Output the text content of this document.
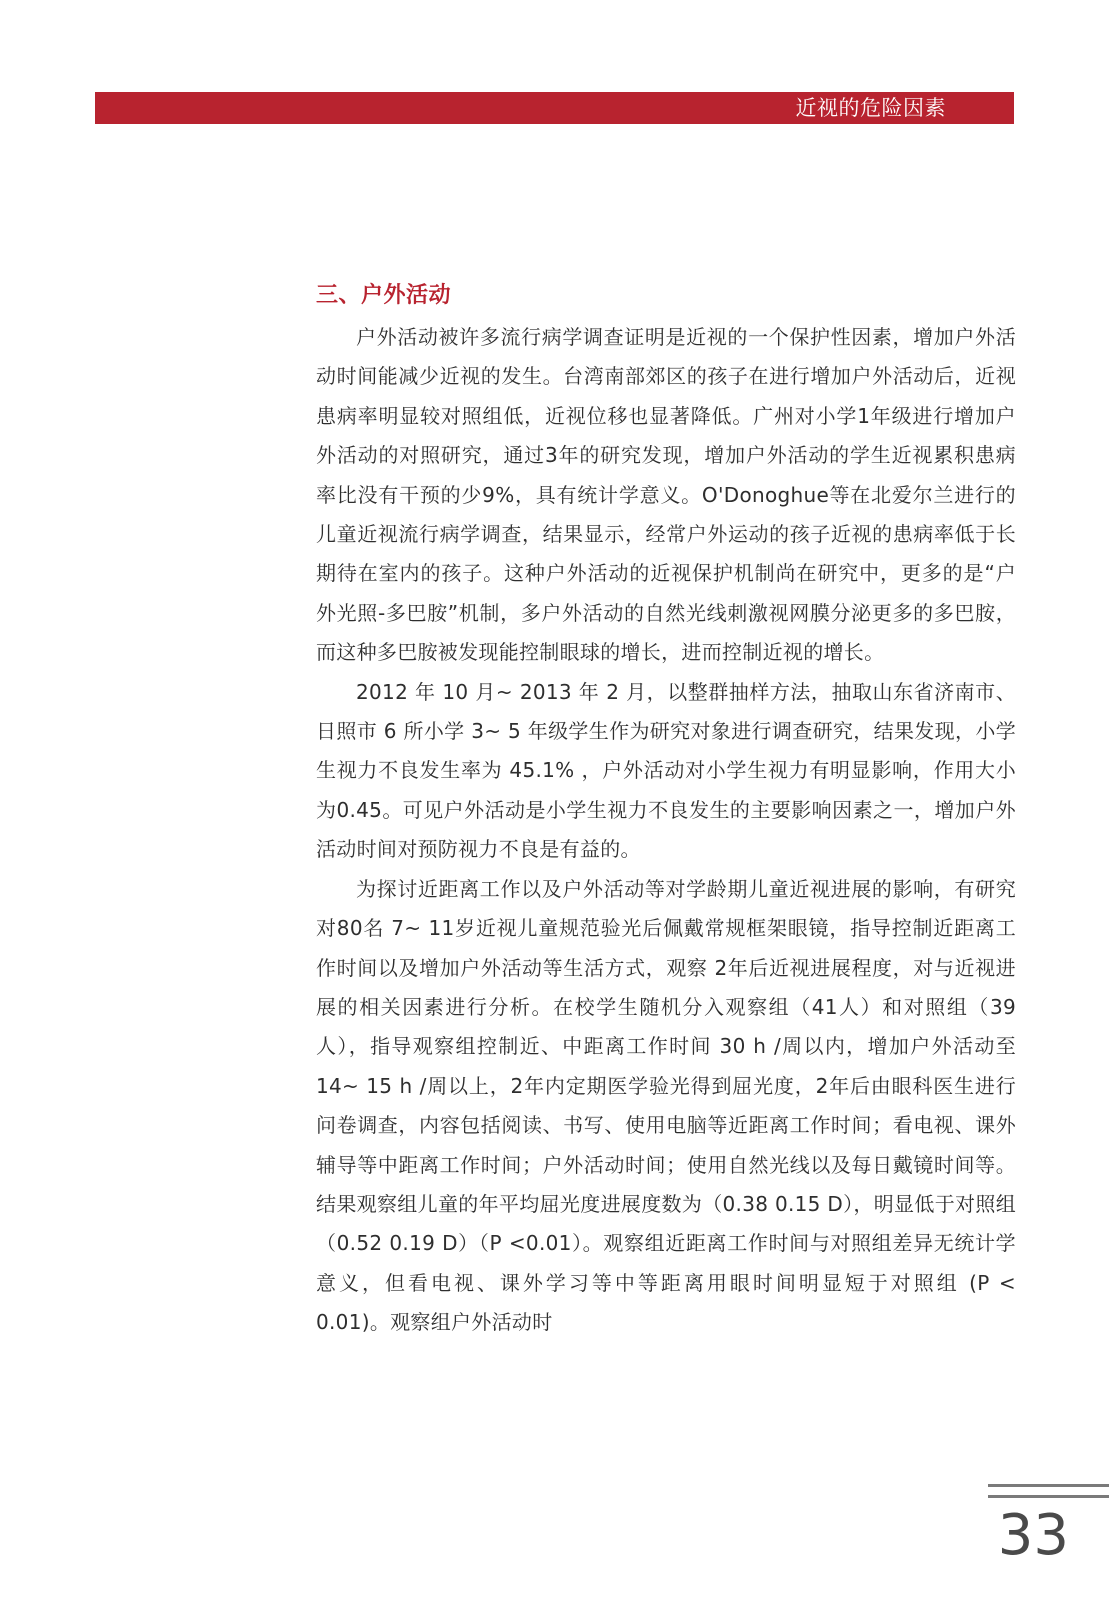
近视的危险因素
三、户外活动

户外活动被许多流行病学调查证明是近视的一个保护性因素，增加户外活动时间能减少近视的发生。台湾南部郊区的孩子在进行增加户外活动后，近视患病率明显较对照组低，近视位移也显著降低。广州对小学1年级进行增加户外活动的对照研究，通过3年的研究发现，增加户外活动的学生近视累积患病率比没有干预的少9%，具有统计学意义。O'Donoghue等在北爱尔兰进行的儿童近视流行病学调查，结果显示，经常户外运动的孩子近视的患病率低于长期待在室内的孩子。这种户外活动的近视保护机制尚在研究中，更多的是“户外光照-多巴胺”机制，多户外活动的自然光线刺激视网膜分泌更多的多巴胺，而这种多巴胺被发现能控制眼球的增长，进而控制近视的增长。

2012 年 10 月~ 2013 年 2 月，以整群抽样方法，抽取山东省济南市、日照市 6 所小学 3~ 5 年级学生作为研究对象进行调查研究，结果发现，小学生视力不良发生率为 45.1% ，户外活动对小学生视力有明显影响，作用大小为0.45。可见户外活动是小学生视力不良发生的主要影响因素之一，增加户外活动时间对预防视力不良是有益的。

为探讨近距离工作以及户外活动等对学龄期儿童近视进展的影响，有研究对80名 7~ 11岁近视儿童规范验光后佩戴常规框架眼镜，指导控制近距离工作时间以及增加户外活动等生活方式，观察 2年后近视进展程度，对与近视进展的相关因素进行分析。在校学生随机分入观察组（41人）和对照组（39 人），指导观察组控制近、中距离工作时间 30 h /周以内，增加户外活动至 14~ 15 h /周以上，2年内定期医学验光得到屈光度，2年后由眼科医生进行问卷调查，内容包括阅读、书写、使用电脑等近距离工作时间；看电视、课外辅导等中距离工作时间；户外活动时间；使用自然光线以及每日戴镜时间等。结果观察组儿童的年平均屈光度进展度数为（0.38 0.15 D），明显低于对照组（0.52 0.19 D）（P <0.01）。观察组近距离工作时间与对照组差异无统计学意义，但看电视、课外学习等中等距离用眼时间明显短于对照组 (P < 0.01)。观察组户外活动时

33
